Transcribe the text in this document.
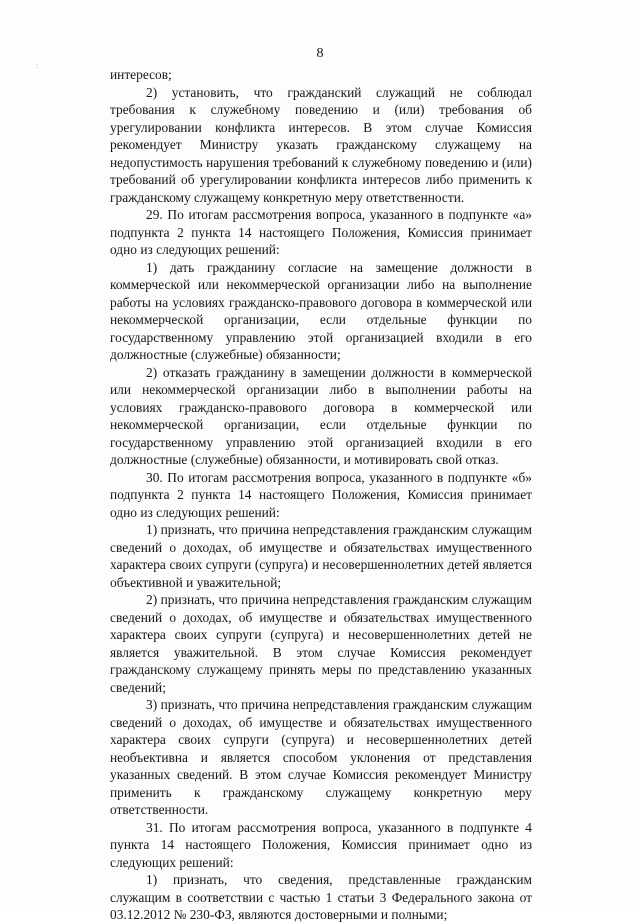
:
8

интересов;

2) установить, что гражданский служащий не соблюдал требования к служебному поведению и (или) требования об урегулировании конфликта интересов. В этом случае Комиссия рекомендует Министру указать гражданскому служащему на недопустимость нарушения требований к служебному поведению и (или) требований об урегулировании конфликта интересов либо применить к гражданскому служащему конкретную меру ответственности.

29. По итогам рассмотрения вопроса, указанного в подпункте «а» подпункта 2 пункта 14 настоящего Положения, Комиссия принимает одно из следующих решений:

1) дать гражданину согласие на замещение должности в коммерческой или некоммерческой организации либо на выполнение работы на условиях гражданско-правового договора в коммерческой или некоммерческой организации, если отдельные функции по государственному управлению этой организацией входили в его должностные (служебные) обязанности;

2) отказать гражданину в замещении должности в коммерческой или некоммерческой организации либо в выполнении работы на условиях гражданско-правового договора в коммерческой или некоммерческой организации, если отдельные функции по государственному управлению этой организацией входили в его должностные (служебные) обязанности, и мотивировать свой отказ.

30. По итогам рассмотрения вопроса, указанного в подпункте «б» подпункта 2 пункта 14 настоящего Положения, Комиссия принимает одно из следующих решений:

1) признать, что причина непредставления гражданским служащим сведений о доходах, об имуществе и обязательствах имущественного характера своих супруги (супруга) и несовершеннолетних детей является объективной и уважительной;

2) признать, что причина непредставления гражданским служащим сведений о доходах, об имуществе и обязательствах имущественного характера своих супруги (супруга) и несовершеннолетних детей не является уважительной. В этом случае Комиссия рекомендует гражданскому служащему принять меры по представлению указанных сведений;

3) признать, что причина непредставления гражданским служащим сведений о доходах, об имуществе и обязательствах имущественного характера своих супруги (супруга) и несовершеннолетних детей необъективна и является способом уклонения от представления указанных сведений. В этом случае Комиссия рекомендует Министру применить к гражданскому служащему конкретную меру ответственности.

31. По итогам рассмотрения вопроса, указанного в подпункте 4 пункта 14 настоящего Положения, Комиссия принимает одно из следующих решений:

1) признать, что сведения, представленные гражданским служащим в соответствии с частью 1 статьи 3 Федерального закона от 03.12.2012 № 230-ФЗ, являются достоверными и полными;
